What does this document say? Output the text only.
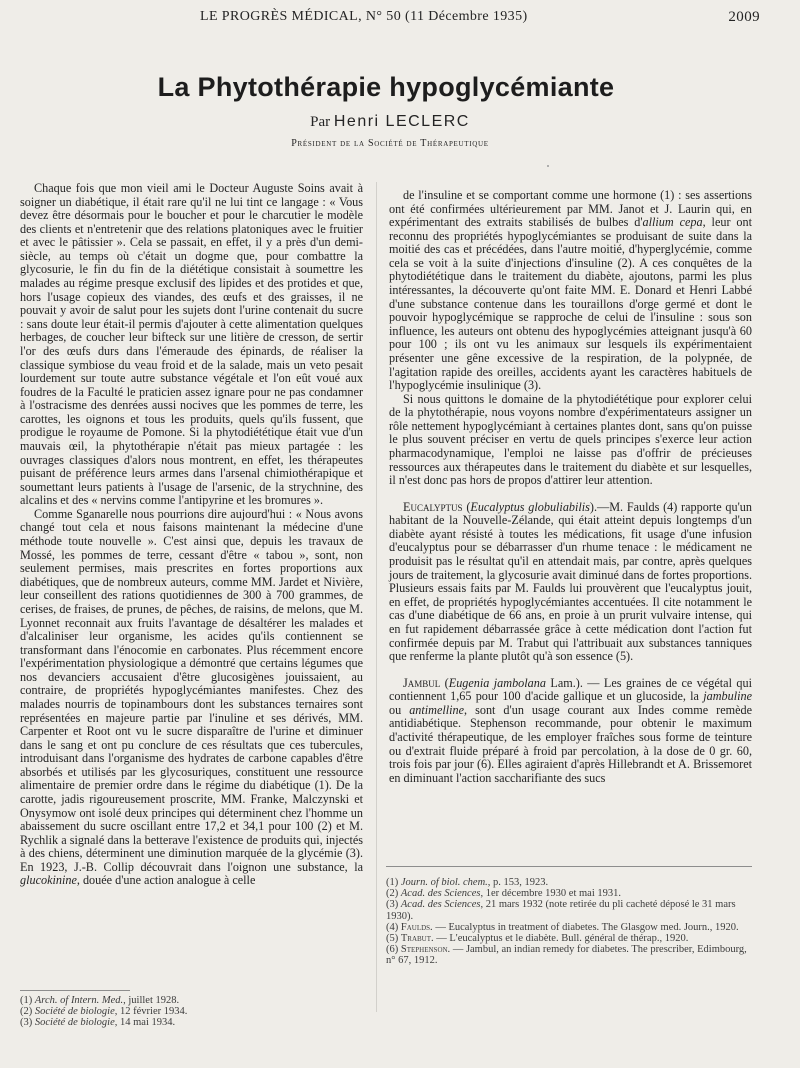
LE PROGRÈS MÉDICAL, N° 50 (11 Décembre 1935)	2009
La Phytothérapie hypoglycémiante
Par Henri LECLERC
Président de la Société de Thérapeutique

Chaque fois que mon vieil ami le Docteur Auguste Soins avait à soigner un diabétique, il était rare qu'il ne lui tint ce langage : « Vous devez être désormais pour le boucher et pour le charcutier le modèle des clients et n'entretenir que des relations platoniques avec le fruitier et avec le pâtissier ». Cela se passait, en effet, il y a près d'un demi-siècle, au temps où c'était un dogme que, pour combattre la glycosurie, le fin du fin de la diététique consistait à soumettre les malades au régime presque exclusif des lipides et des protides et que, hors l'usage copieux des viandes, des œufs et des graisses, il ne pouvait y avoir de salut pour les sujets dont l'urine contenait du sucre : sans doute leur était-il permis d'ajouter à cette alimentation quelques herbages, de coucher leur bifteck sur une litière de cresson, de sertir l'or des œufs durs dans l'émeraude des épinards, de réaliser la classique symbiose du veau froid et de la salade, mais un veto pesait lourdement sur toute autre substance végétale et l'on eût voué aux foudres de la Faculté le praticien assez ignare pour ne pas condamner à l'ostracisme des denrées aussi nocives que les pommes de terre, les carottes, les oignons et tous les produits, quels qu'ils fussent, que prodigue le royaume de Pomone. Si la phytodiététique était vue d'un mauvais œil, la phytothérapie n'était pas mieux partagée : les ouvrages classiques d'alors nous montrent, en effet, les thérapeutes puisant de préférence leurs armes dans l'arsenal chimiothérapique et soumettant leurs patients à l'usage de l'arsenic, de la strychnine, des alcalins et des « nervins comme l'antipyrine et les bromures ».

Comme Sganarelle nous pourrions dire aujourd'hui : « Nous avons changé tout cela et nous faisons maintenant la médecine d'une méthode toute nouvelle ». C'est ainsi que, depuis les travaux de Mossé, les pommes de terre, cessant d'être « tabou », sont, non seulement permises, mais prescrites en fortes proportions aux diabétiques, que de nombreux auteurs, comme MM. Jardet et Nivière, leur conseillent des rations quotidiennes de 300 à 700 grammes, de cerises, de fraises, de prunes, de pêches, de raisins, de melons, que M. Lyonnet reconnait aux fruits l'avantage de désaltérer les malades et d'alcaliniser leur organisme, les acides qu'ils contiennent se transformant dans l'énocomie en carbonates. Plus récemment encore l'expérimentation physiologique a démontré que certains légumes que nos devanciers accusaient d'être glucosigènes jouissaient, au contraire, de propriétés hypoglycémiantes manifestes. Chez des malades nourris de topinambours dont les substances ternaires sont représentées en majeure partie par l'inuline et ses dérivés, MM. Carpenter et Root ont vu le sucre disparaître de l'urine et diminuer dans le sang et ont pu conclure de ces résultats que ces tubercules, introduisant dans l'organisme des hydrates de carbone capables d'être absorbés et utilisés par les glycosuriques, constituent une ressource alimentaire de premier ordre dans le régime du diabétique (1). De la carotte, jadis rigoureusement proscrite, MM. Franke, Malczynski et Onysymow ont isolé deux principes qui déterminent chez l'homme un abaissement du sucre oscillant entre 17,2 et 34,1 pour 100 (2) et M. Rychlik a signalé dans la betterave l'existence de produits qui, injectés à des chiens, déterminent une diminution marquée de la glycémie (3). En 1923, J.-B. Collip découvrait dans l'oignon une substance, la glucokinine, douée d'une action analogue à celle

de l'insuline et se comportant comme une hormone (1) : ses assertions ont été confirmées ultérieurement par MM. Janot et J. Laurin qui, en expérimentant des extraits stabilisés de bulbes d'allium cepa, leur ont reconnu des propriétés hypoglycémiantes se produisant de suite dans la moitié des cas et précédées, dans l'autre moitié, d'hyperglycémie, comme cela se voit à la suite d'injections d'insuline (2). A ces conquêtes de la phytodiététique dans le traitement du diabète, ajoutons, parmi les plus intéressantes, la découverte qu'ont faite MM. E. Donard et Henri Labbé d'une substance contenue dans les touraillons d'orge germé et dont le pouvoir hypoglycémique se rapproche de celui de l'insuline : sous son influence, les auteurs ont obtenu des hypoglycémies atteignant jusqu'à 60 pour 100 ; ils ont vu les animaux sur lesquels ils expérimentaient présenter une gêne excessive de la respiration, de la polypnée, de l'agitation rapide des oreilles, accidents ayant les caractères habituels de l'hypoglycémie insulinique (3).

Si nous quittons le domaine de la phytodiététique pour explorer celui de la phytothérapie, nous voyons nombre d'expérimentateurs assigner un rôle nettement hypoglycémiant à certaines plantes dont, sans qu'on puisse le plus souvent préciser en vertu de quels principes s'exerce leur action pharmacodynamique, l'emploi ne laisse pas d'offrir de précieuses ressources aux thérapeutes dans le traitement du diabète et sur lesquelles, il n'est donc pas hors de propos d'attirer leur attention.

Eucalyptus (Eucalyptus globuliabilis).—M. Faulds (4) rapporte qu'un habitant de la Nouvelle-Zélande, qui était atteint depuis longtemps d'un diabète ayant résisté à toutes les médications, fit usage d'une infusion d'eucalyptus pour se débarrasser d'un rhume tenace : le médicament ne produisit pas le résultat qu'il en attendait mais, par contre, après quelques jours de traitement, la glycosurie avait diminué dans de fortes proportions. Plusieurs essais faits par M. Faulds lui prouvèrent que l'eucalyptus jouit, en effet, de propriétés hypoglycémiantes accentuées. Il cite notamment le cas d'une diabétique de 66 ans, en proie à un prurit vulvaire intense, qui en fut rapidement débarrassée grâce à cette médication dont l'action fut confirmée depuis par M. Trabut qui l'attribuait aux substances tanniques que renferme la plante plutôt qu'à son essence (5).

Jambul (Eugenia jambolana Lam.). — Les graines de ce végétal qui contiennent 1,65 pour 100 d'acide gallique et un glucoside, la jambuline ou antimelline, sont d'un usage courant aux Indes comme remède antidiabétique. Stephenson recommande, pour obtenir le maximum d'activité thérapeutique, de les employer fraîches sous forme de teinture ou d'extrait fluide préparé à froid par percolation, à la dose de 0 gr. 60, trois fois par jour (6). Elles agiraient d'après Hillebrandt et A. Brissemoret en diminuant l'action saccharifiante des sucs

(1) Arch. of Intern. Med., juillet 1928.
(2) Société de biologie, 12 février 1934.
(3) Société de biologie, 14 mai 1934.
(1) Journ. of biol. chem., p. 153, 1923.
(2) Acad. des Sciences, 1er décembre 1930 et mai 1931.
(3) Acad. des Sciences, 21 mars 1932 (note retirée du pli cacheté déposé le 31 mars 1930).
(4) Faulds. — Eucalyptus in treatment of diabetes. The Glasgow med. Journ., 1920.
(5) Trabut. — L'eucalyptus et le diabète. Bull. général de thérap., 1920.
(6) Stephenson. — Jambul, an indian remedy for diabetes. The prescriber, Edimbourg, n° 67, 1912.
